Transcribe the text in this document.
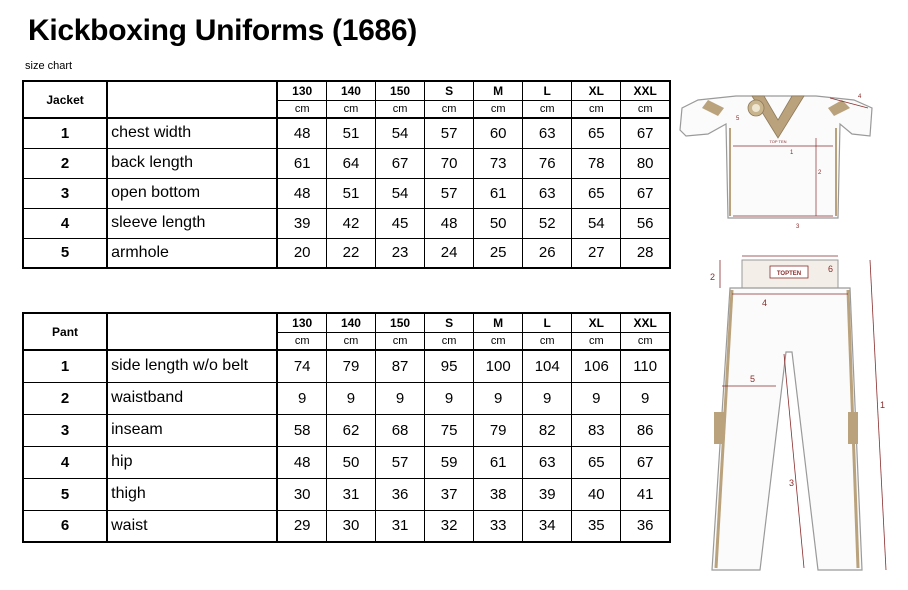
Kickboxing Uniforms (1686)
size chart
Jacket		130	140	150	S	M	L	XL	XXL
		cm	cm	cm	cm	cm	cm	cm	cm
1	chest width	48	51	54	57	60	63	65	67
2	back length	61	64	67	70	73	76	78	80
3	open bottom	48	51	54	57	61	63	65	67
4	sleeve length	39	42	45	48	50	52	54	56
5	armhole	20	22	23	24	25	26	27	28
Pant		130	140	150	S	M	L	XL	XXL
		cm	cm	cm	cm	cm	cm	cm	cm
1	side length w/o belt	74	79	87	95	100	104	106	110
2	waistband	9	9	9	9	9	9	9	9
3	inseam	58	62	68	75	79	82	83	86
4	hip	48	50	57	59	61	63	65	67
5	thigh	30	31	36	37	38	39	40	41
6	waist	29	30	31	32	33	34	35	36
TOP TEN
1
2
3
4
5
TOPTEN
1
2
3
4
5
6
